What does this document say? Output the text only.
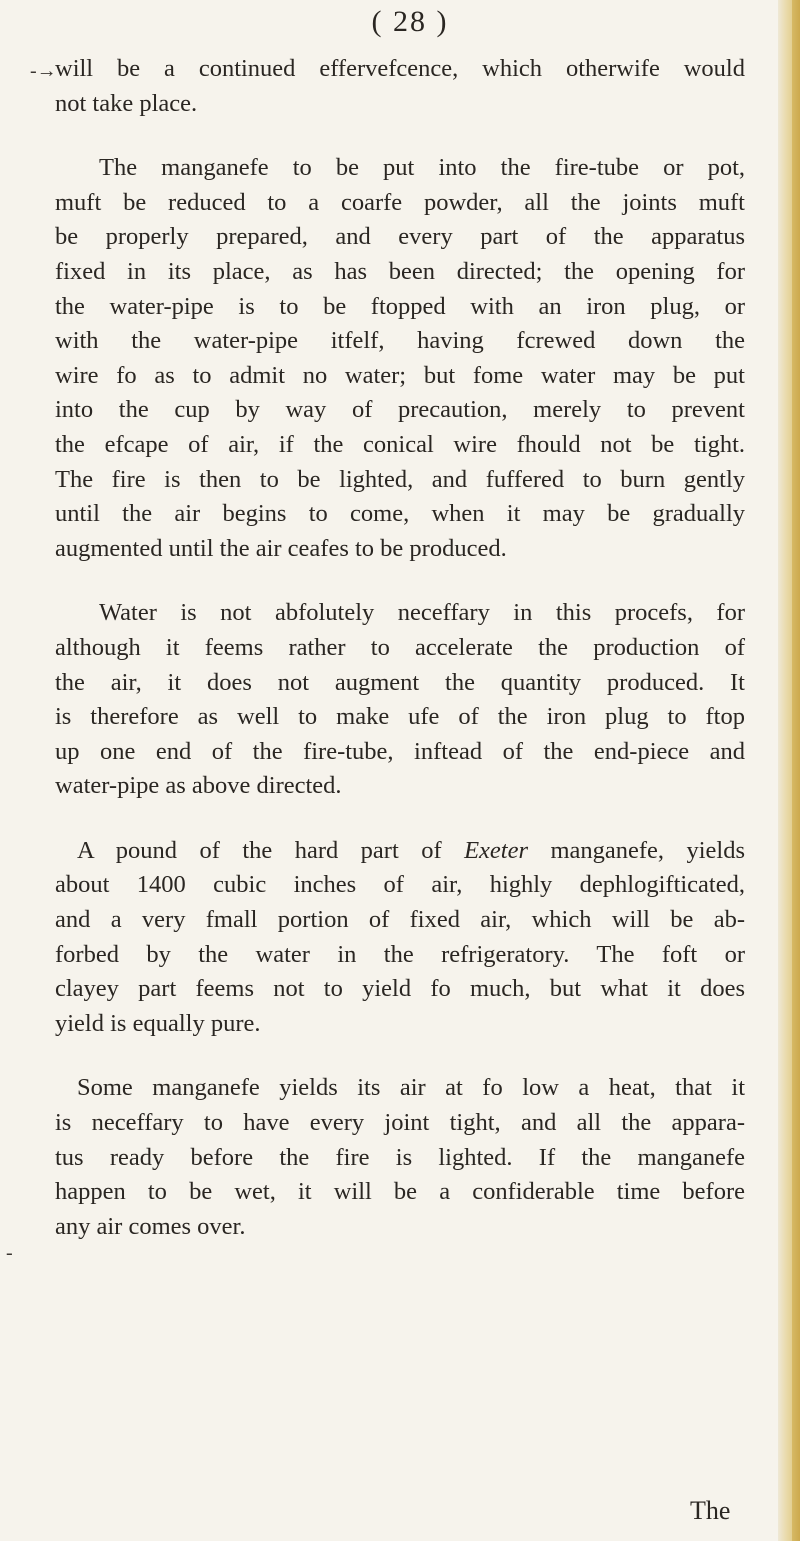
( 28 )
-→
-

will be a continued effervefcence, which otherwife would
not take place.

The manganefe to be put into the fire-tube or pot,
muft be reduced to a coarfe powder, all the joints muft
be properly prepared, and every part of the apparatus
fixed in its place, as has been directed; the opening for
the water-pipe is to be ftopped with an iron plug, or
with the water-pipe itfelf, having fcrewed down the
wire fo as to admit no water; but fome water may be put
into the cup by way of precaution, merely to prevent
the efcape of air, if the conical wire fhould not be tight.
The fire is then to be lighted, and fuffered to burn gently
until the air begins to come, when it may be gradually
augmented until the air ceafes to be produced.

Water is not abfolutely neceffary in this procefs, for
although it feems rather to accelerate the production of
the air, it does not augment the quantity produced. It
is therefore as well to make ufe of the iron plug to ftop
up one end of the fire-tube, inftead of the end-piece and
water-pipe as above directed.

A pound of the hard part of Exeter manganefe, yields
about 1400 cubic inches of air, highly dephlogifticated,
and a very fmall portion of fixed air, which will be ab-
forbed by the water in the refrigeratory. The foft or
clayey part feems not to yield fo much, but what it does
yield is equally pure.

Some manganefe yields its air at fo low a heat, that it
is neceffary to have every joint tight, and all the appara-
tus ready before the fire is lighted. If the manganefe
happen to be wet, it will be a confiderable time before
any air comes over.

The
